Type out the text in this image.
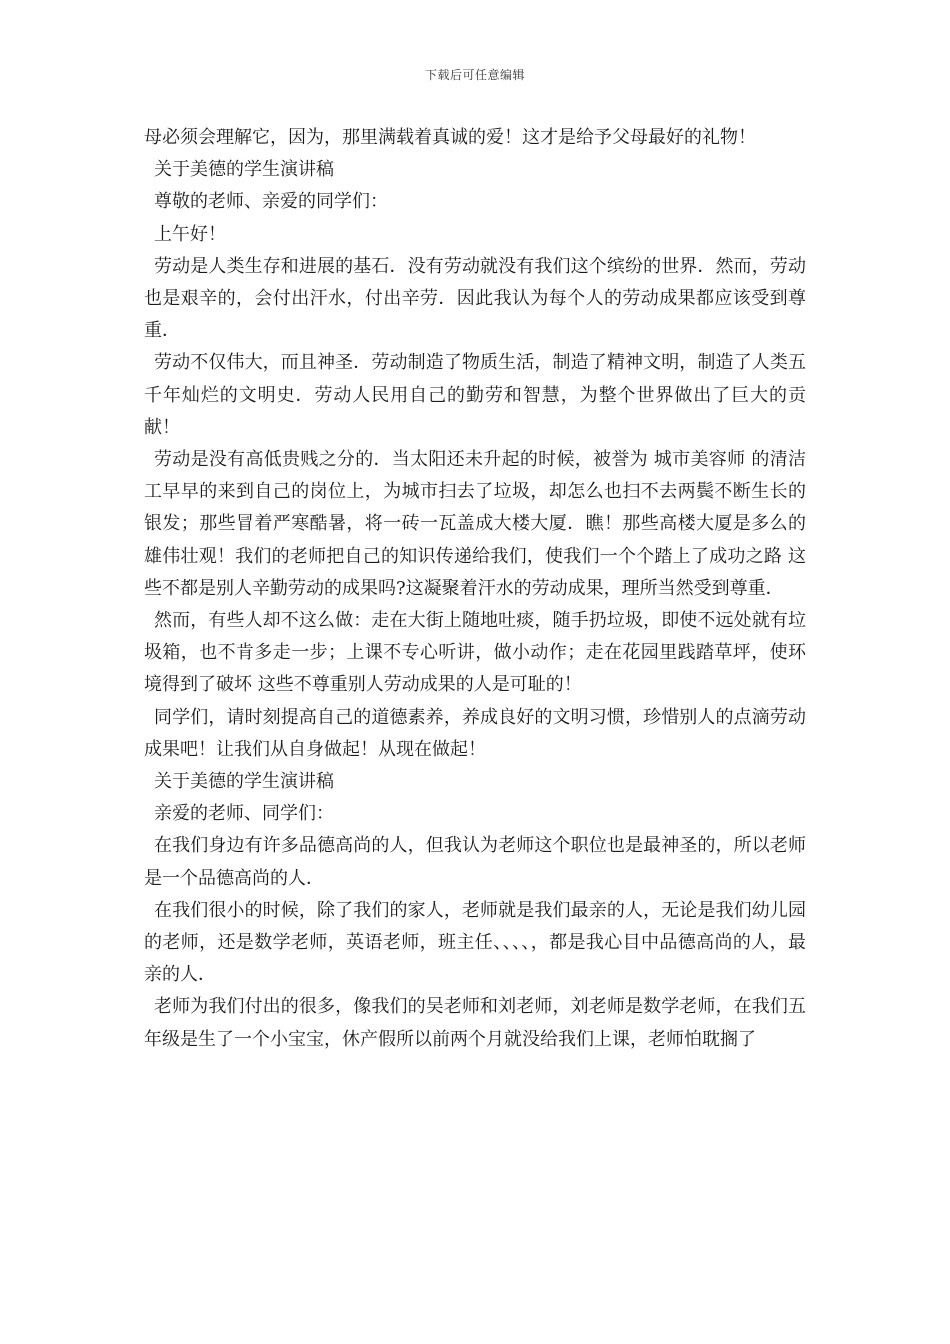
下载后可任意编辑

母必须会理解它，因为，那里满载着真诚的爱！这才是给予父母最好的礼物！

关于美德的学生演讲稿

尊敬的老师、亲爱的同学们：

上午好！

劳动是人类生存和进展的基石．没有劳动就没有我们这个缤纷的世界．然而，劳动也是艰辛的，会付出汗水，付出辛劳．因此我认为每个人的劳动成果都应该受到尊重．

劳动不仅伟大，而且神圣．劳动制造了物质生活，制造了精神文明，制造了人类五千年灿烂的文明史．劳动人民用自己的勤劳和智慧，为整个世界做出了巨大的贡献！

劳动是没有高低贵贱之分的．当太阳还未升起的时候，被誉为 城市美容师 的清洁工早早的来到自己的岗位上，为城市扫去了垃圾，却怎么也扫不去两鬓不断生长的银发；那些冒着严寒酷暑，将一砖一瓦盖成大楼大厦．瞧！那些高楼大厦是多么的雄伟壮观！我们的老师把自己的知识传递给我们，使我们一个个踏上了成功之路 这些不都是别人辛勤劳动的成果吗?这凝聚着汗水的劳动成果，理所当然受到尊重．

然而，有些人却不这么做：走在大街上随地吐痰，随手扔垃圾，即使不远处就有垃圾箱，也不肯多走一步；上课不专心听讲，做小动作；走在花园里践踏草坪，使环境得到了破坏 这些不尊重别人劳动成果的人是可耻的！

同学们，请时刻提高自己的道德素养，养成良好的文明习惯，珍惜别人的点滴劳动成果吧！让我们从自身做起！从现在做起！

关于美德的学生演讲稿

亲爱的老师、同学们：

在我们身边有许多品德高尚的人，但我认为老师这个职位也是最神圣的，所以老师是一个品德高尚的人．

在我们很小的时候，除了我们的家人，老师就是我们最亲的人，无论是我们幼儿园的老师，还是数学老师，英语老师，班主任、、、、，都是我心目中品德高尚的人，最亲的人．

老师为我们付出的很多，像我们的吴老师和刘老师，刘老师是数学老师，在我们五年级是生了一个小宝宝，休产假所以前两个月就没给我们上课，老师怕耽搁了
